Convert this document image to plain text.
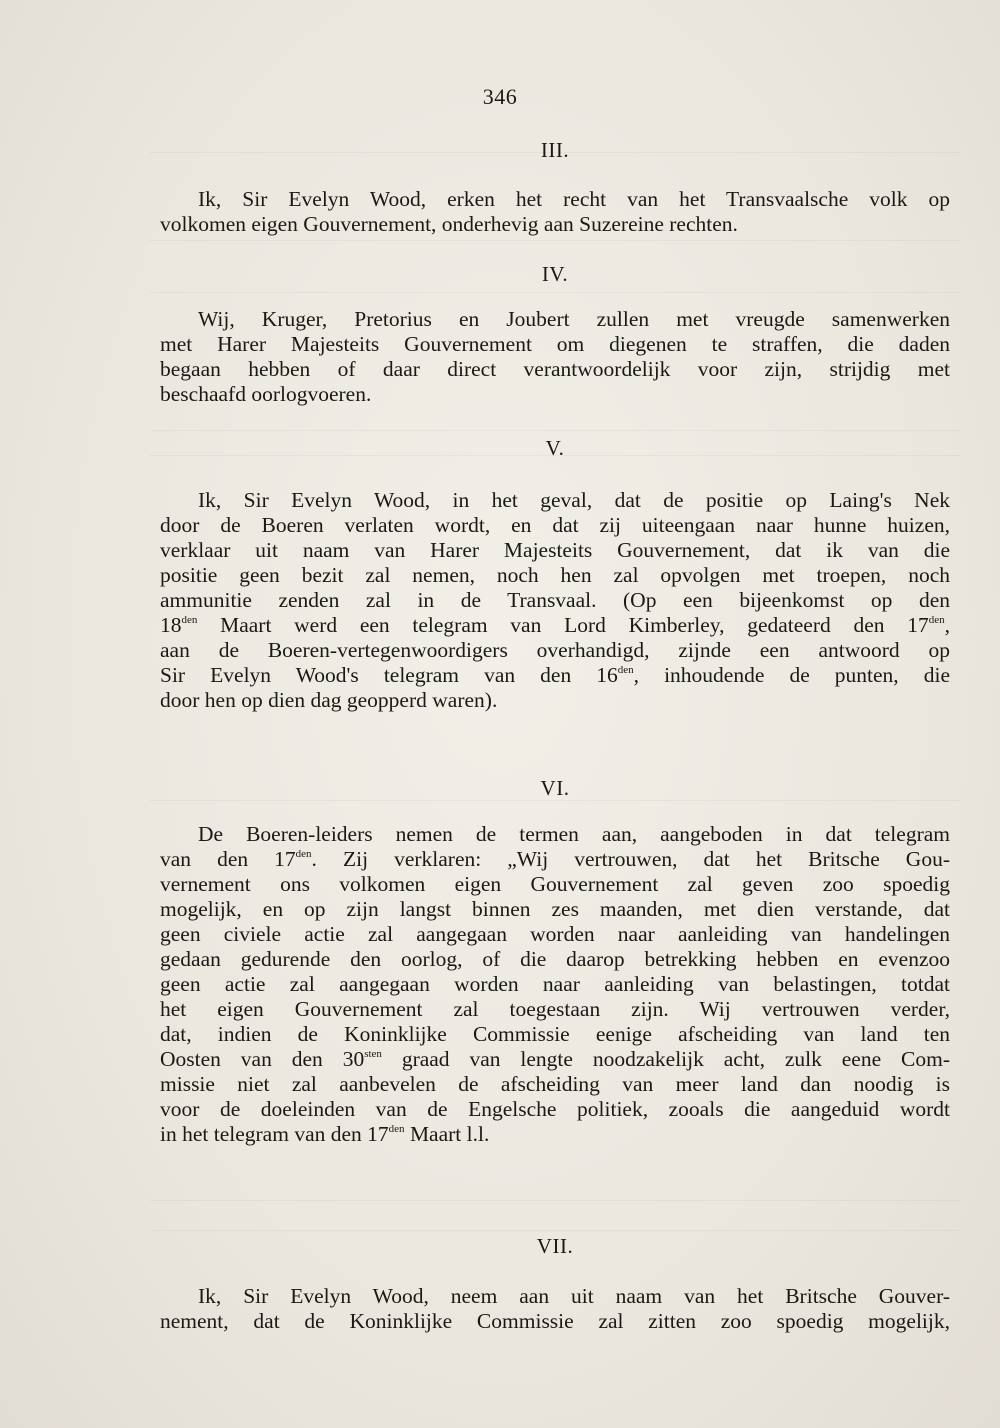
346
III.
Ik, Sir Evelyn Wood, erken het recht van het Transvaalsche volk op
volkomen eigen Gouvernement, onderhevig aan Suzereine rechten.
IV.
Wij, Kruger, Pretorius en Joubert zullen met vreugde samenwerken
met Harer Majesteits Gouvernement om diegenen te straffen, die daden
begaan hebben of daar direct verantwoordelijk voor zijn, strijdig met
beschaafd oorlogvoeren.
V.
Ik, Sir Evelyn Wood, in het geval, dat de positie op Laing's Nek
door de Boeren verlaten wordt, en dat zij uiteengaan naar hunne huizen,
verklaar uit naam van Harer Majesteits Gouvernement, dat ik van die
positie geen bezit zal nemen, noch hen zal opvolgen met troepen, noch
ammunitie zenden zal in de Transvaal. (Op een bijeenkomst op den
$18^{den}$ Maart werd een telegram van Lord Kimberley, gedateerd den $17^{den}$,
aan de Boeren-vertegenwoordigers overhandigd, zijnde een antwoord op
Sir Evelyn Wood's telegram van den $16^{den}$, inhoudende de punten, die
door hen op dien dag geopperd waren).
VI.
De Boeren-leiders nemen de termen aan, aangeboden in dat telegram
van den $17^{den}$. Zij verklaren: „Wij vertrouwen, dat het Britsche Gou-
vernement ons volkomen eigen Gouvernement zal geven zoo spoedig
mogelijk, en op zijn langst binnen zes maanden, met dien verstande, dat
geen civiele actie zal aangegaan worden naar aanleiding van handelingen
gedaan gedurende den oorlog, of die daarop betrekking hebben en evenzoo
geen actie zal aangegaan worden naar aanleiding van belastingen, totdat
het eigen Gouvernement zal toegestaan zijn. Wij vertrouwen verder,
dat, indien de Koninklijke Commissie eenige afscheiding van land ten
Oosten van den $30^{sten}$ graad van lengte noodzakelijk acht, zulk eene Com-
missie niet zal aanbevelen de afscheiding van meer land dan noodig is
voor de doeleinden van de Engelsche politiek, zooals die aangeduid wordt
in het telegram van den $17^{den}$ Maart l.l.
VII.
Ik, Sir Evelyn Wood, neem aan uit naam van het Britsche Gouver-
nement, dat de Koninklijke Commissie zal zitten zoo spoedig mogelijk,
